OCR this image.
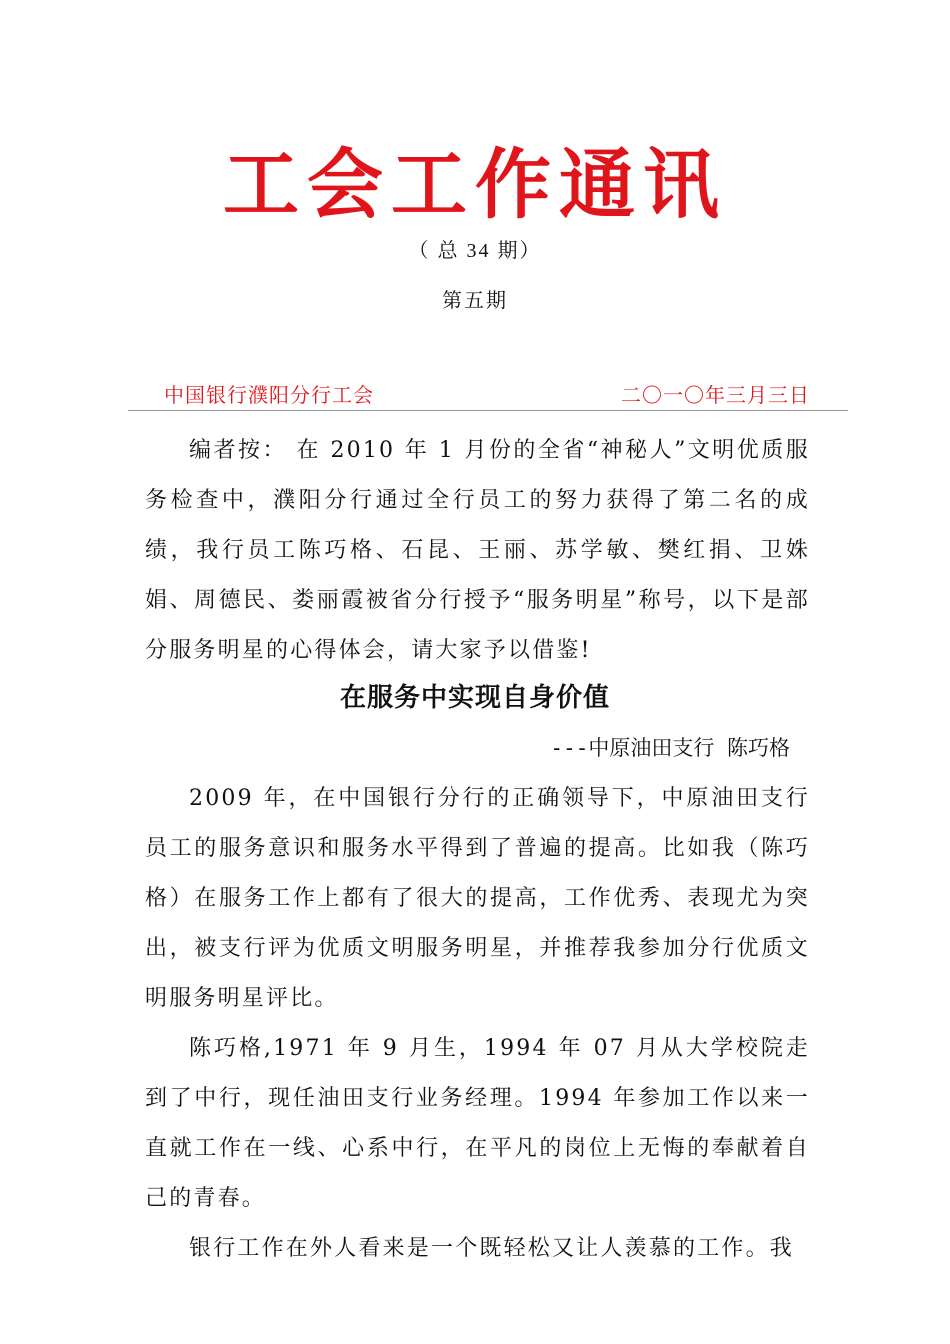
工会工作通讯
（ 总 34 期）
第五期
中国银行濮阳分行工会	二〇一〇年三月三日

编者按： 在 2010 年 1 月份的全省“神秘人”文明优质服务检查中，濮阳分行通过全行员工的努力获得了第二名的成绩，我行员工陈巧格、石昆、王丽、苏学敏、樊红捐、卫姝娟、周德民、娄丽霞被省分行授予“服务明星”称号，以下是部分服务明星的心得体会，请大家予以借鉴!

在服务中实现自身价值
---中原油田支行 陈巧格

2009 年，在中国银行分行的正确领导下，中原油田支行员工的服务意识和服务水平得到了普遍的提高。比如我（陈巧格）在服务工作上都有了很大的提高，工作优秀、表现尤为突出，被支行评为优质文明服务明星，并推荐我参加分行优质文明服务明星评比。

陈巧格,1971 年 9 月生，1994 年 07 月从大学校院走到了中行，现任油田支行业务经理。1994 年参加工作以来一直就工作在一线、心系中行，在平凡的岗位上无悔的奉献着自己的青春。

银行工作在外人看来是一个既轻松又让人羡慕的工作。我
